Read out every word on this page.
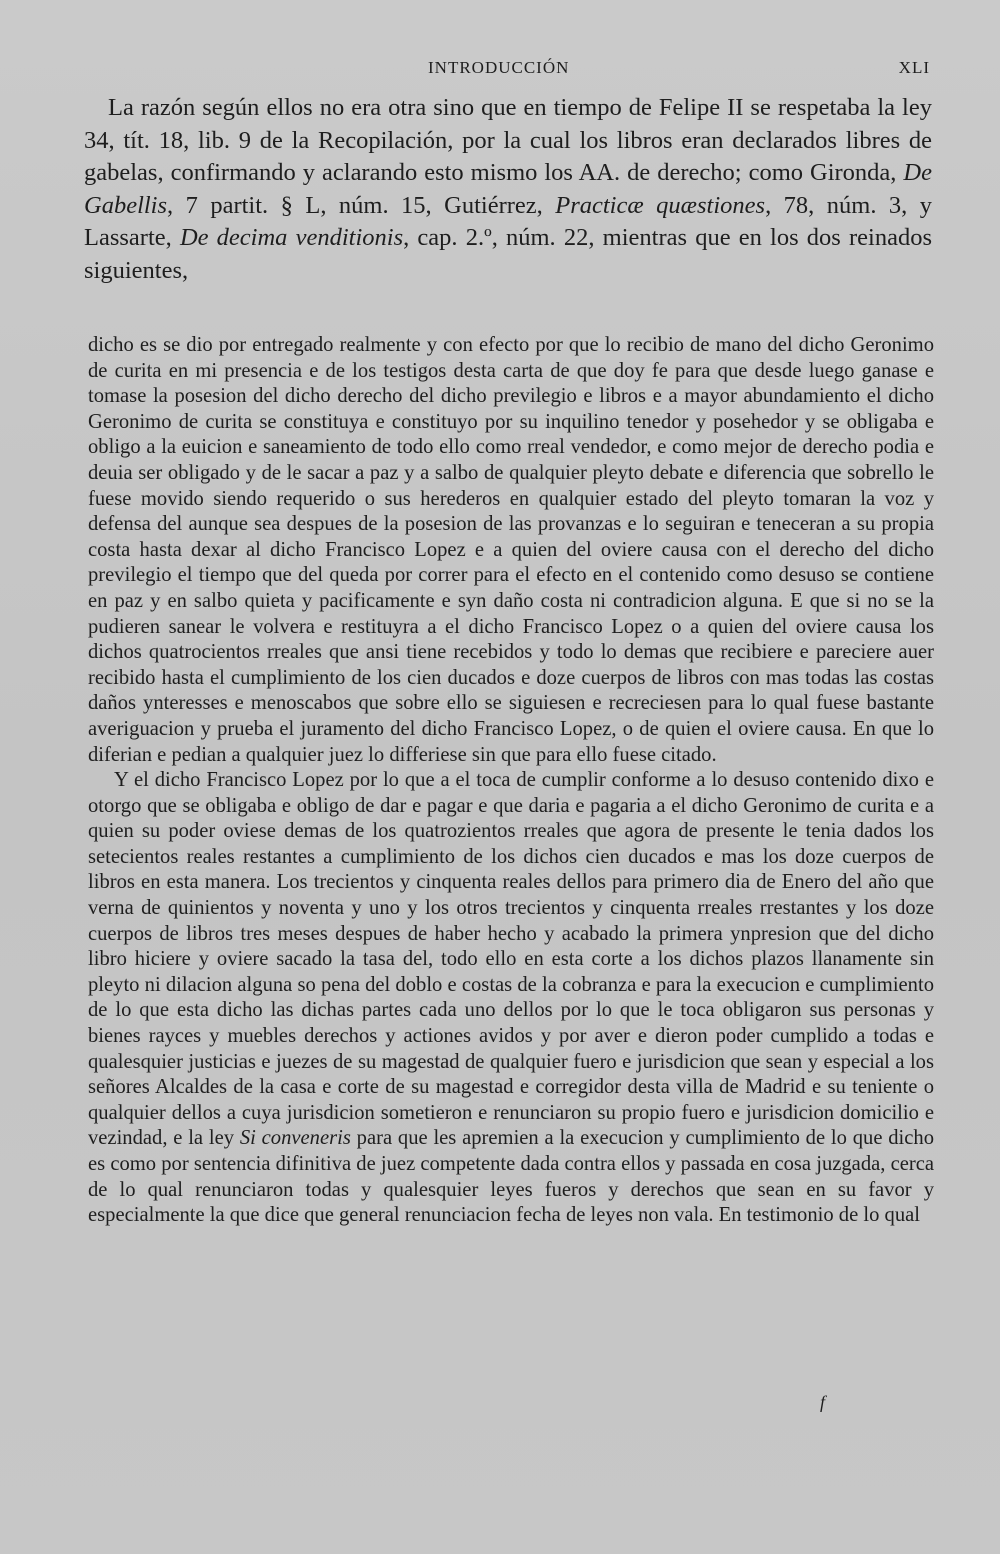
INTRODUCCIÓN	XLI

La razón según ellos no era otra sino que en tiempo de Felipe II se respetaba la ley 34, tít. 18, lib. 9 de la Recopilación, por la cual los libros eran declarados libres de gabelas, confirmando y aclarando esto mismo los AA. de derecho; como Gironda, De Gabellis, 7 partit. § L, núm. 15, Gutiérrez, Practicæ quæstiones, 78, núm. 3, y Lassarte, De decima venditionis, cap. 2.º, núm. 22, mientras que en los dos reinados siguientes,

dicho es se dio por entregado realmente y con efecto por que lo recibio de mano del dicho Geronimo de curita en mi presencia e de los testigos desta carta de que doy fe para que desde luego ganase e tomase la posesion del dicho derecho del dicho previlegio e libros e a mayor abundamiento el dicho Geronimo de curita se constituya e constituyo por su inquilino tenedor y posehedor y se obligaba e obligo a la euicion e saneamiento de todo ello como rreal vendedor, e como mejor de derecho podia e deuia ser obligado y de le sacar a paz y a salbo de qualquier pleyto debate e diferencia que sobrello le fuese movido siendo requerido o sus herederos en qualquier estado del pleyto tomaran la voz y defensa del aunque sea despues de la posesion de las provanzas e lo seguiran e teneceran a su propia costa hasta dexar al dicho Francisco Lopez e a quien del oviere causa con el derecho del dicho previlegio el tiempo que del queda por correr para el efecto en el contenido como desuso se contiene en paz y en salbo quieta y pacificamente e syn daño costa ni contradicion alguna. E que si no se la pudieren sanear le volvera e restituyra a el dicho Francisco Lopez o a quien del oviere causa los dichos quatrocientos rreales que ansi tiene recebidos y todo lo demas que recibiere e pareciere auer recibido hasta el cumplimiento de los cien ducados e doze cuerpos de libros con mas todas las costas daños ynteresses e menoscabos que sobre ello se siguiesen e recreciesen para lo qual fuese bastante averiguacion y prueba el juramento del dicho Francisco Lopez, o de quien el oviere causa. En que lo diferian e pedian a qualquier juez lo differiese sin que para ello fuese citado.

Y el dicho Francisco Lopez por lo que a el toca de cumplir conforme a lo desuso contenido dixo e otorgo que se obligaba e obligo de dar e pagar e que daria e pagaria a el dicho Geronimo de curita e a quien su poder oviese demas de los quatrozientos rreales que agora de presente le tenia dados los setecientos reales restantes a cumplimiento de los dichos cien ducados e mas los doze cuerpos de libros en esta manera. Los trecientos y cinquenta reales dellos para primero dia de Enero del año que verna de quinientos y noventa y uno y los otros trecientos y cinquenta rreales rrestantes y los doze cuerpos de libros tres meses despues de haber hecho y acabado la primera ynpresion que del dicho libro hiciere y oviere sacado la tasa del, todo ello en esta corte a los dichos plazos llanamente sin pleyto ni dilacion alguna so pena del doblo e costas de la cobranza e para la execucion e cumplimiento de lo que esta dicho las dichas partes cada uno dellos por lo que le toca obligaron sus personas y bienes rayces y muebles derechos y actiones avidos y por aver e dieron poder cumplido a todas e qualesquier justicias e juezes de su magestad de qualquier fuero e jurisdicion que sean y especial a los señores Alcaldes de la casa e corte de su magestad e corregidor desta villa de Madrid e su teniente o qualquier dellos a cuya jurisdicion sometieron e renunciaron su propio fuero e jurisdicion domicilio e vezindad, e la ley Si conveneris para que les apremien a la execucion y cumplimiento de lo que dicho es como por sentencia difinitiva de juez competente dada contra ellos y passada en cosa juzgada, cerca de lo qual renunciaron todas y qualesquier leyes fueros y derechos que sean en su favor y especialmente la que dice que general renunciacion fecha de leyes non vala. En testimonio de lo qual

f
